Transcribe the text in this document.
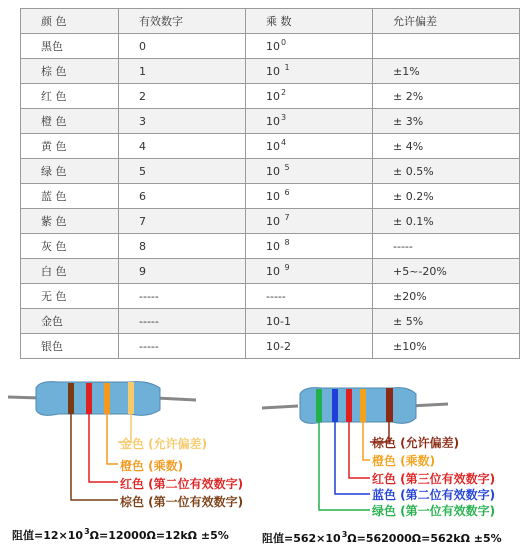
颜 色	有效数字	乘 数	允许偏差
黑色	0	$10^0$	
棕 色	1	10 $^1$	±1%
红 色	2	$10^2$	± 2%
橙 色	3	$10^3$	± 3%
黄 色	4	$10^4$	± 4%
绿 色	5	10 $^5$	± 0.5%
蓝 色	6	10 $^6$	± 0.2%
紫 色	7	10 $^7$	± 0.1%
灰 色	8	10 $^8$	-----
白 色	9	10 $^9$	+5~-20%
无 色	-----	-----	±20%
金色	-----	10-1	± 5%
银色	-----	10-2	±10%
金色 (允许偏差)
橙色 (乘数)
红色 (第二位有效数字)
棕色 (第一位有效数字)
阻值$=12\times 10^3\Omega=12000\Omega=12k\Omega \pm 5\%$
棕色 (允许偏差)
橙色 (乘数)
红色 (第三位有效数字)
蓝色 (第二位有效数字)
绿色 (第一位有效数字)
阻值$=562\times 10^3\Omega=562000\Omega=562k\Omega \pm 5\%$
